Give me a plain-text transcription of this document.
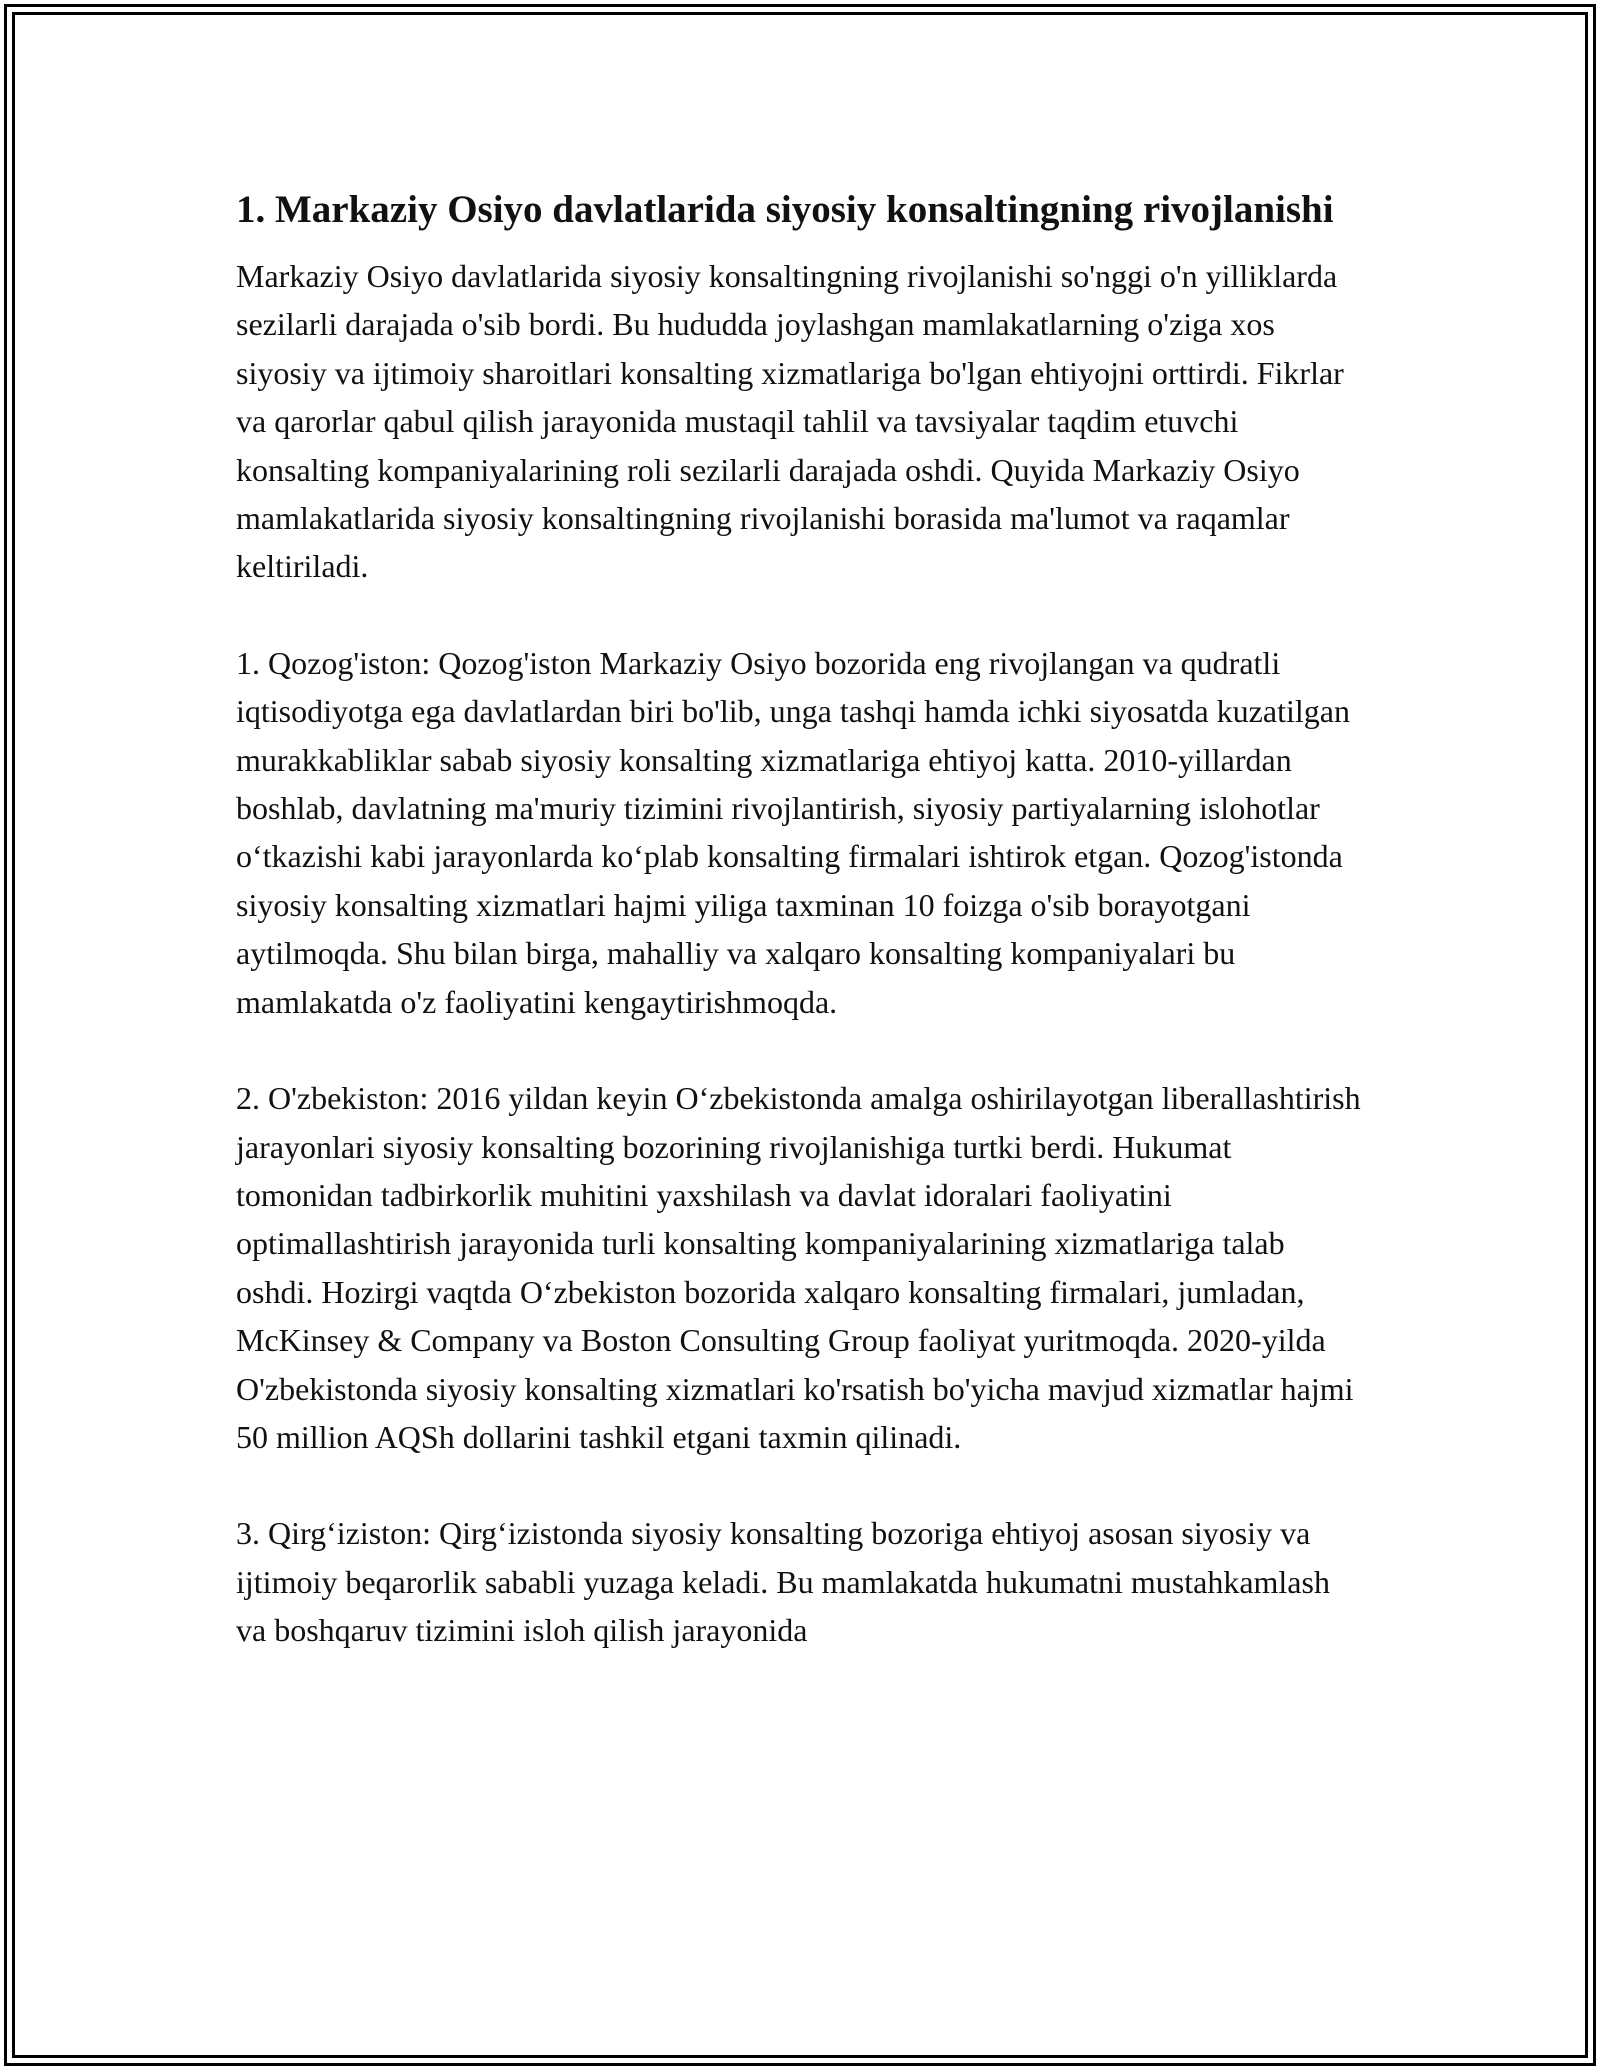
1. Markaziy Osiyo davlatlarida siyosiy konsaltingning rivojlanishi

Markaziy Osiyo davlatlarida siyosiy konsaltingning rivojlanishi so'nggi o'n yilliklarda sezilarli darajada o'sib bordi. Bu hududda joylashgan mamlakatlarning o'ziga xos siyosiy va ijtimoiy sharoitlari konsalting xizmatlariga bo'lgan ehtiyojni orttirdi. Fikrlar va qarorlar qabul qilish jarayonida mustaqil tahlil va tavsiyalar taqdim etuvchi konsalting kompaniyalarining roli sezilarli darajada oshdi. Quyida Markaziy Osiyo mamlakatlarida siyosiy konsaltingning rivojlanishi borasida ma'lumot va raqamlar keltiriladi.

1. Qozog'iston: Qozog'iston Markaziy Osiyo bozorida eng rivojlangan va qudratli iqtisodiyotga ega davlatlardan biri bo'lib, unga tashqi hamda ichki siyosatda kuzatilgan murakkabliklar sabab siyosiy konsalting xizmatlariga ehtiyoj katta. 2010-yillardan boshlab, davlatning ma'muriy tizimini rivojlantirish, siyosiy partiyalarning islohotlar oʻtkazishi kabi jarayonlarda koʻplab konsalting firmalari ishtirok etgan. Qozog'istonda siyosiy konsalting xizmatlari hajmi yiliga taxminan 10 foizga o'sib borayotgani aytilmoqda. Shu bilan birga, mahalliy va xalqaro konsalting kompaniyalari bu mamlakatda o'z faoliyatini kengaytirishmoqda.

2. O'zbekiston: 2016 yildan keyin Oʻzbekistonda amalga oshirilayotgan liberallashtirish jarayonlari siyosiy konsalting bozorining rivojlanishiga turtki berdi. Hukumat tomonidan tadbirkorlik muhitini yaxshilash va davlat idoralari faoliyatini optimallashtirish jarayonida turli konsalting kompaniyalarining xizmatlariga talab oshdi. Hozirgi vaqtda Oʻzbekiston bozorida xalqaro konsalting firmalari, jumladan, McKinsey & Company va Boston Consulting Group faoliyat yuritmoqda. 2020-yilda O'zbekistonda siyosiy konsalting xizmatlari ko'rsatish bo'yicha mavjud xizmatlar hajmi 50 million AQSh dollarini tashkil etgani taxmin qilinadi.

3. Qirgʻiziston: Qirgʻizistonda siyosiy konsalting bozoriga ehtiyoj asosan siyosiy va ijtimoiy beqarorlik sababli yuzaga keladi. Bu mamlakatda hukumatni mustahkamlash va boshqaruv tizimini isloh qilish jarayonida
